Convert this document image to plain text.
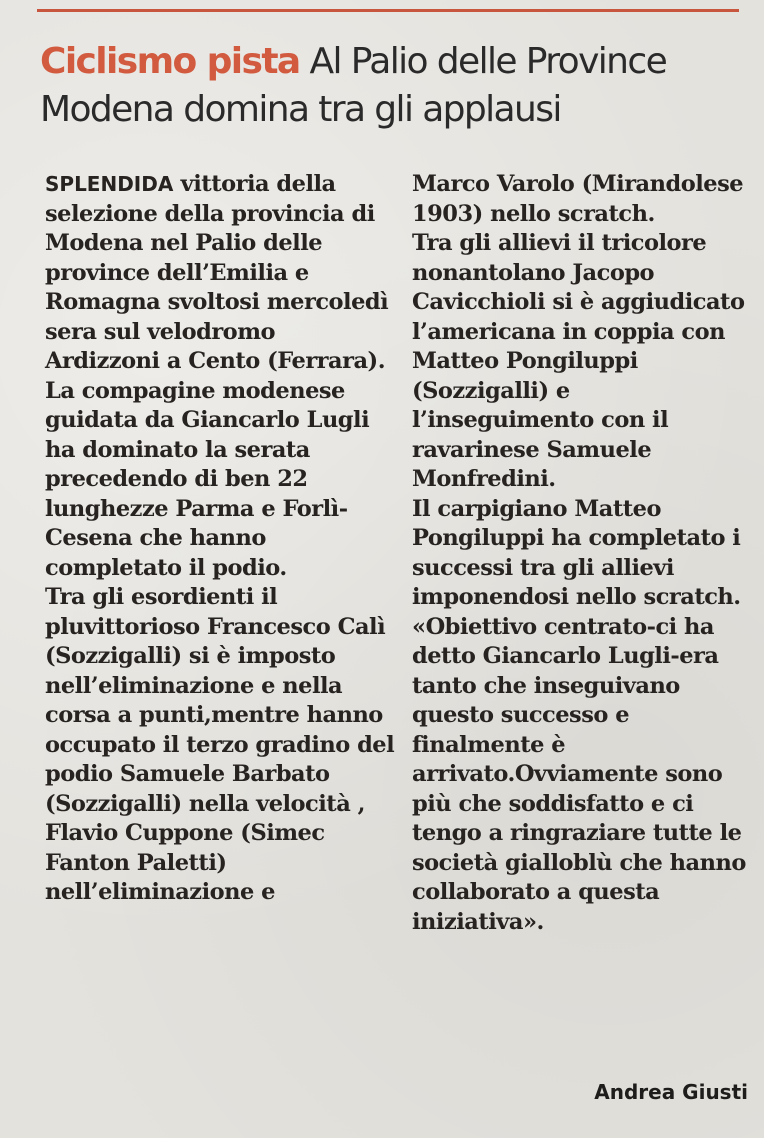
Ciclismo pista Al Palio delle Province Modena domina tra gli applausi

SPLENDIDA vittoria della selezione della provincia di Modena nel Palio delle province dell’Emilia e Romagna svoltosi mercoledì sera sul velodromo Ardizzoni a Cento (Ferrara).

La compagine modenese guidata da Giancarlo Lugli ha dominato la serata precedendo di ben 22 lunghezze Parma e Forlì-Cesena che hanno completato il podio.

Tra gli esordienti il pluvittorioso Francesco Calì (Sozzigalli) si è imposto nell’eliminazione e nella corsa a punti,mentre hanno occupato il terzo gradino del podio Samuele Barbato (Sozzigalli) nella velocità , Flavio Cuppone (Simec Fanton Paletti) nell’eliminazione e

Marco Varolo (Mirandolese 1903) nello scratch.

Tra gli allievi il tricolore nonantolano Jacopo Cavicchioli si è aggiudicato l’americana in coppia con Matteo Pongiluppi (Sozzigalli) e l’inseguimento con il ravarinese Samuele Monfredini.

Il carpigiano Matteo Pongiluppi ha completato i successi tra gli allievi imponendosi nello scratch.

«Obiettivo centrato-ci ha detto Giancarlo Lugli-era tanto che inseguivano questo successo e finalmente è arrivato.Ovviamente sono più che soddisfatto e ci tengo a ringraziare tutte le società gialloblù che hanno collaborato a questa iniziativa».

Andrea Giusti
